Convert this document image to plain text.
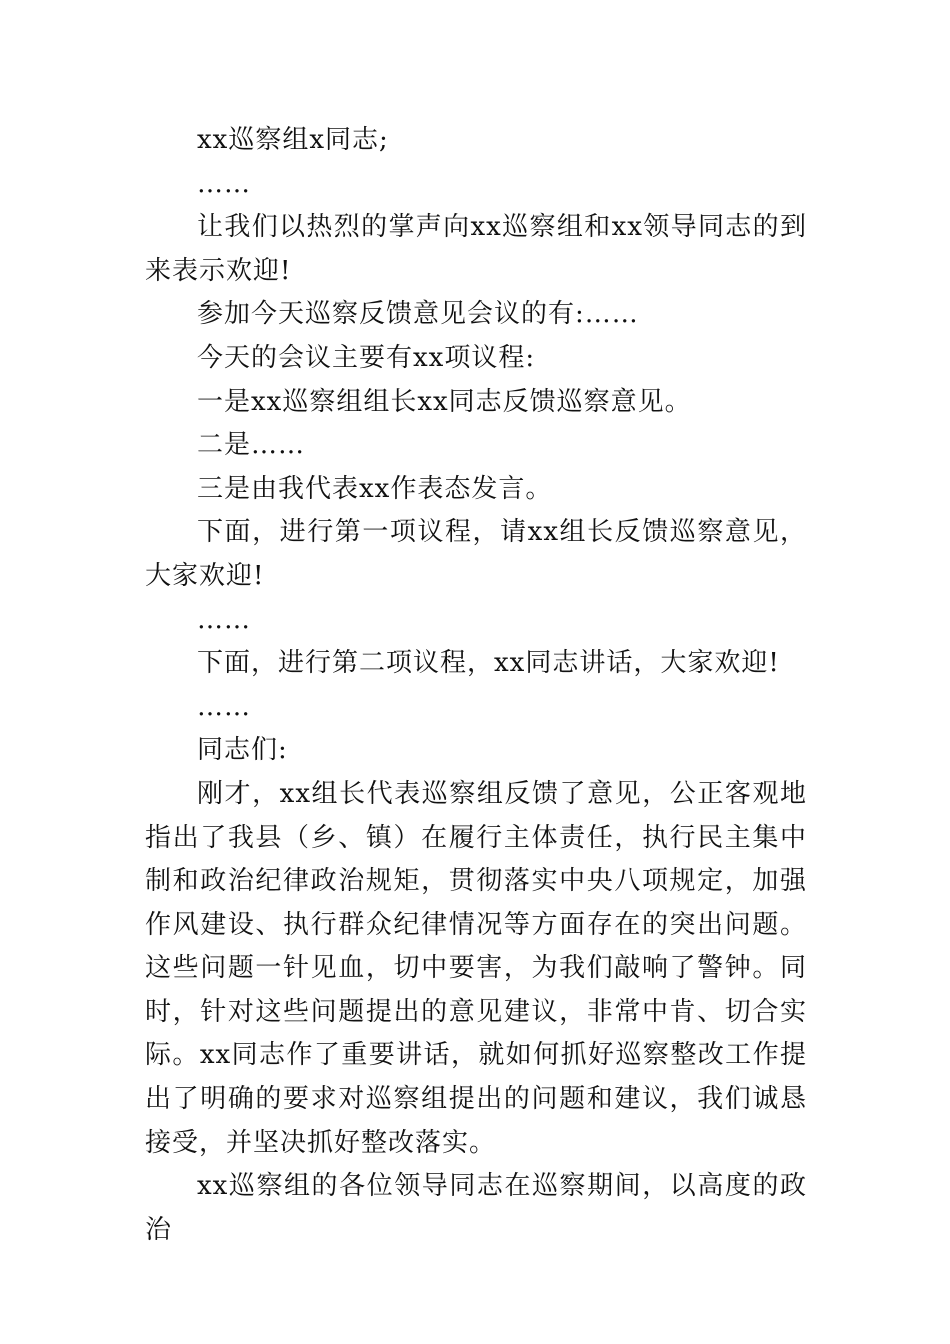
xx巡察组x同志;

……

让我们以热烈的掌声向xx巡察组和xx领导同志的到来表示欢迎!

参加今天巡察反馈意见会议的有:……

今天的会议主要有xx项议程:

一是xx巡察组组长xx同志反馈巡察意见。

二是……

三是由我代表xx作表态发言。

下面，进行第一项议程，请xx组长反馈巡察意见，大家欢迎!

……

下面，进行第二项议程，xx同志讲话，大家欢迎!

……

同志们:

刚才，xx组长代表巡察组反馈了意见，公正客观地指出了我县（乡、镇）在履行主体责任，执行民主集中制和政治纪律政治规矩，贯彻落实中央八项规定，加强作风建设、执行群众纪律情况等方面存在的突出问题。这些问题一针见血，切中要害，为我们敲响了警钟。同时，针对这些问题提出的意见建议，非常中肯、切合实际。xx同志作了重要讲话，就如何抓好巡察整改工作提出了明确的要求对巡察组提出的问题和建议，我们诚恳接受，并坚决抓好整改落实。

xx巡察组的各位领导同志在巡察期间，以高度的政治
